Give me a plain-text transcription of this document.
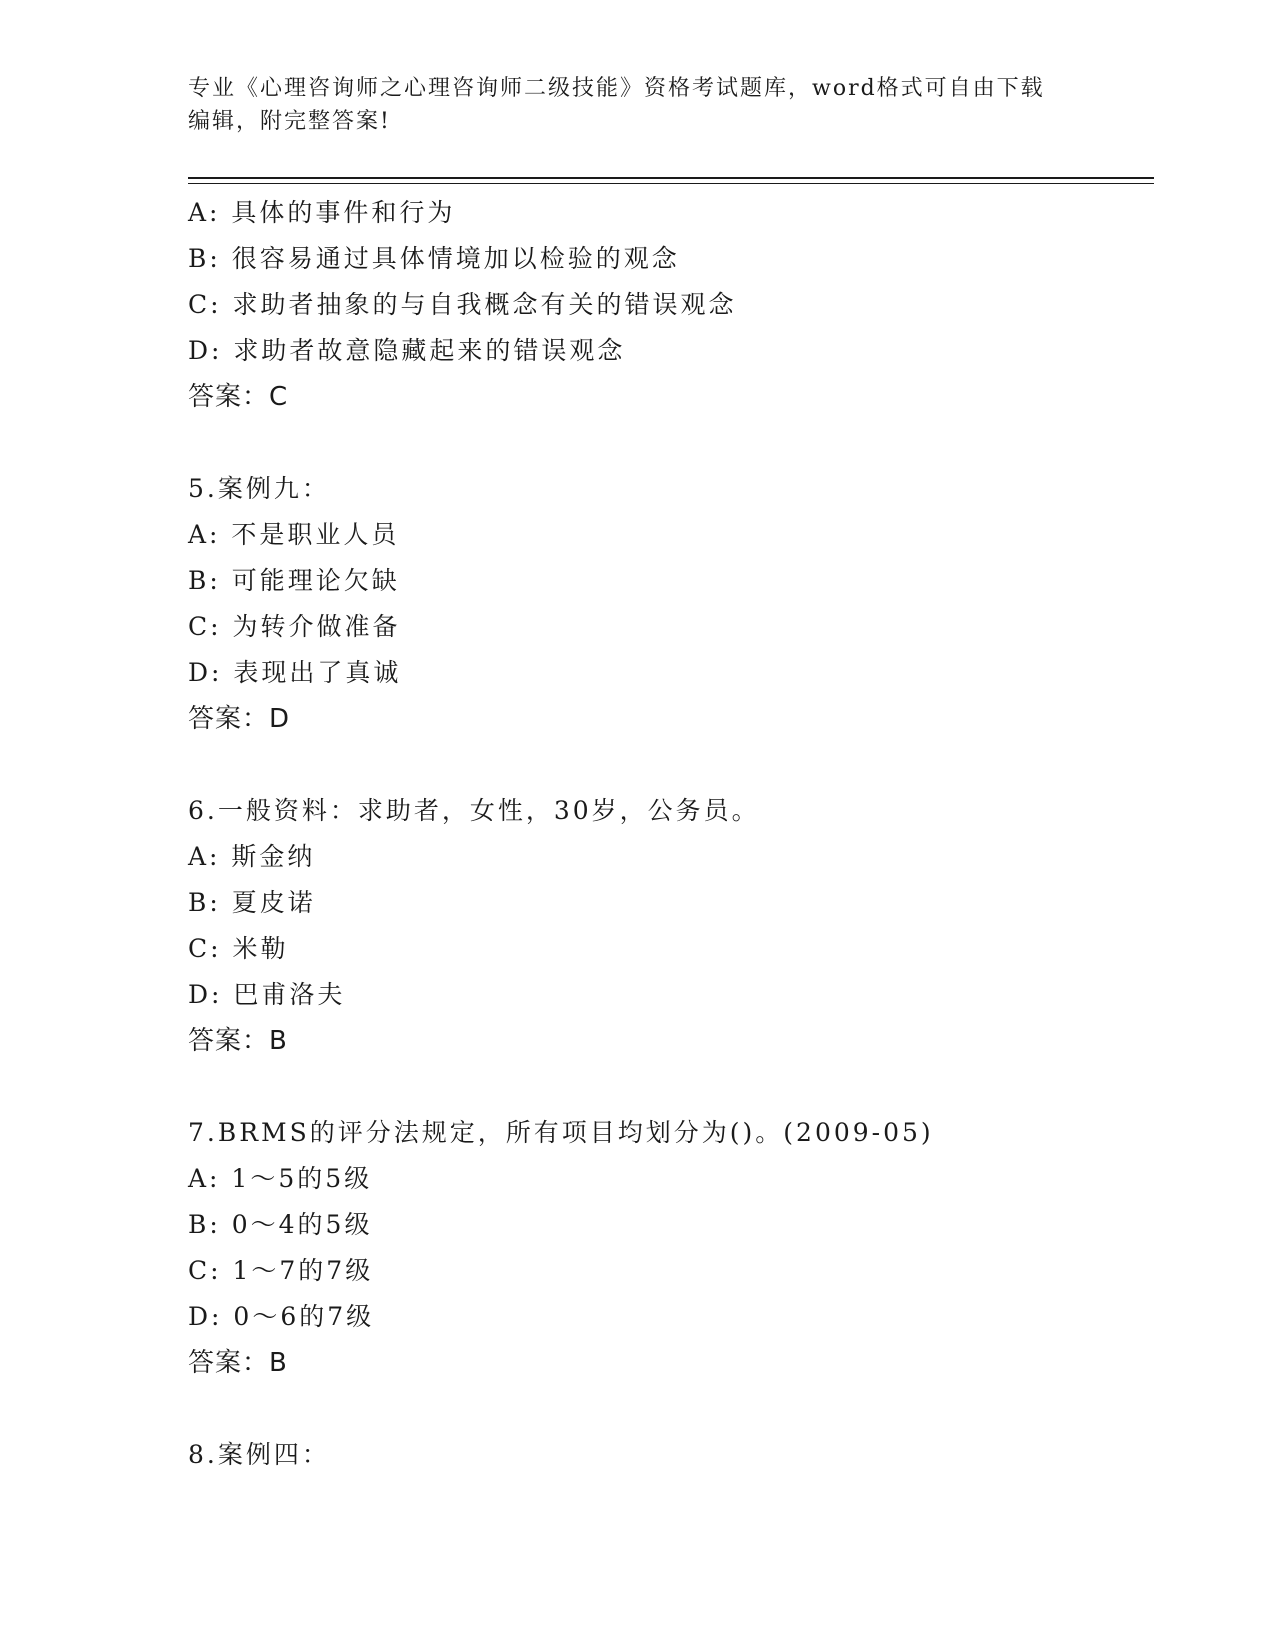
专业《心理咨询师之心理咨询师二级技能》资格考试题库，word格式可自由下载
编辑，附完整答案!
A: 具体的事件和行为
B: 很容易通过具体情境加以检验的观念
C: 求助者抽象的与自我概念有关的错误观念
D: 求助者故意隐藏起来的错误观念
答案：C
5.案例九：
A: 不是职业人员
B: 可能理论欠缺
C: 为转介做准备
D: 表现出了真诚
答案：D
6.一般资料：求助者，女性，30岁，公务员。
A: 斯金纳
B: 夏皮诺
C: 米勒
D: 巴甫洛夫
答案：B
7.BRMS的评分法规定，所有项目均划分为()。(2009-05)
A: 1～5的5级
B: 0～4的5级
C: 1～7的7级
D: 0～6的7级
答案：B
8.案例四：
